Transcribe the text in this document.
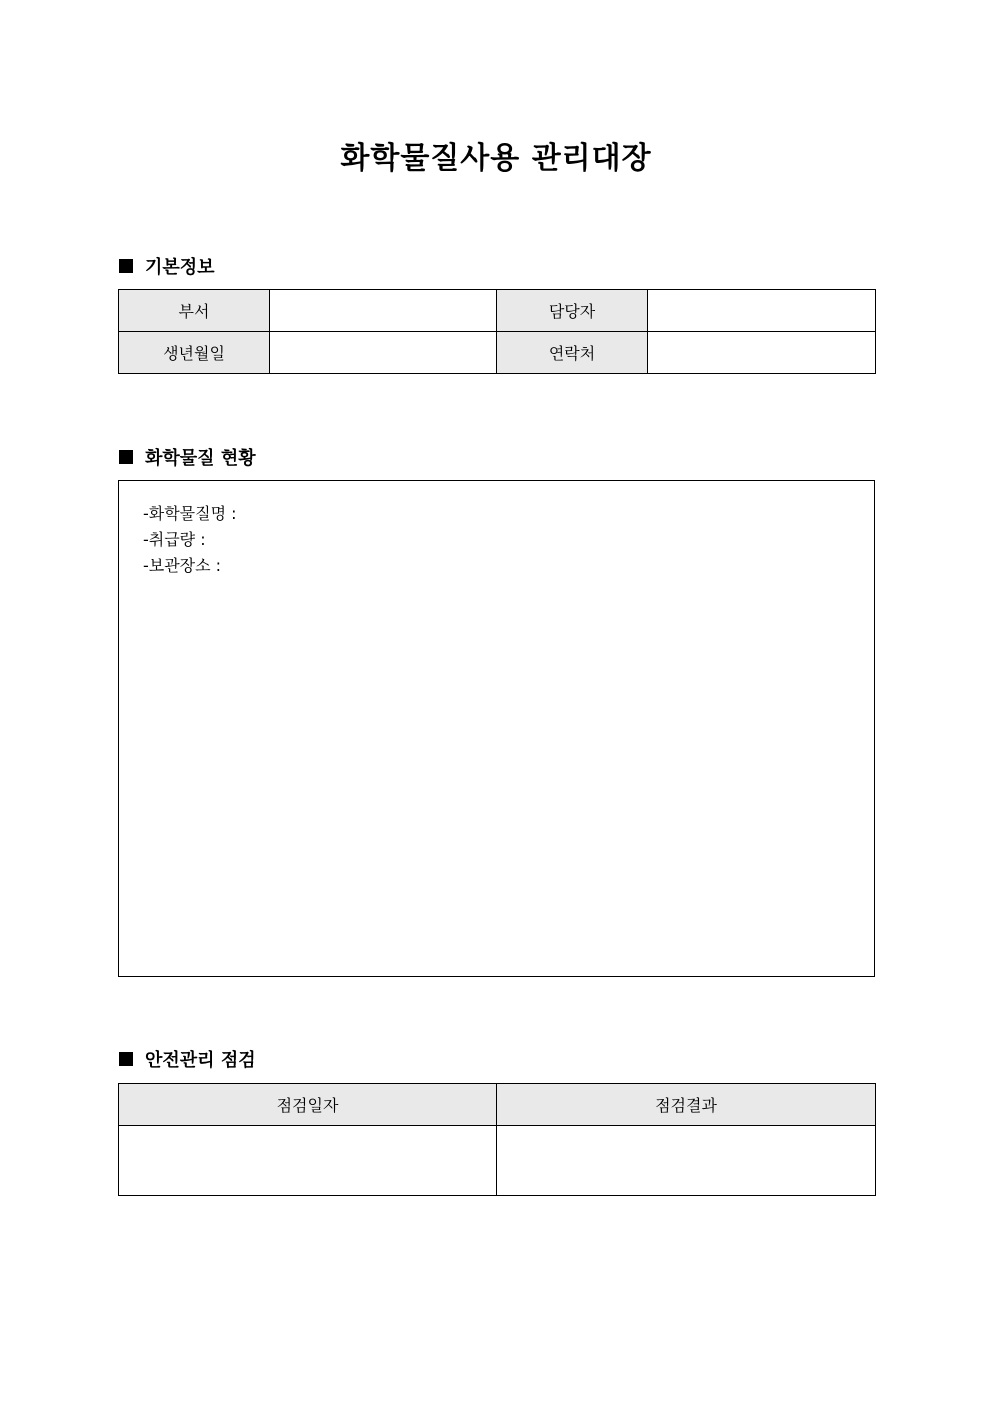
화학물질사용 관리대장
기본정보
부서		담당자	
생년월일		연락처	
화학물질 현황
-화학물질명 :
-취급량 :
-보관장소 :
안전관리 점검
점검일자	점검결과
